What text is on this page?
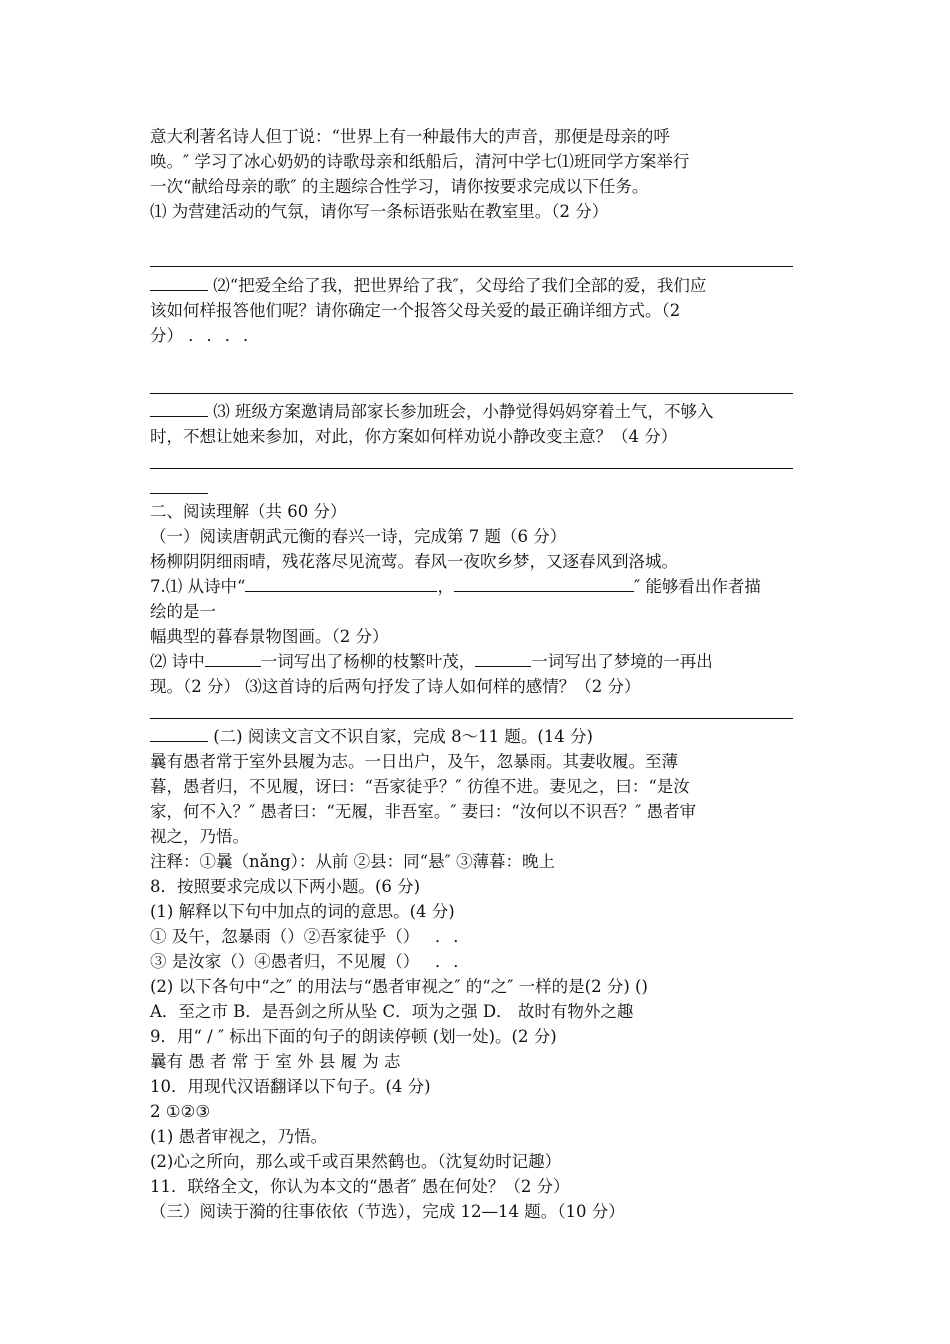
意大利著名诗人但丁说：“世界上有一种最伟大的声音，那便是母亲的呼
唤。″ 学习了冰心奶奶的诗歌母亲和纸船后，清河中学七⑴班同学方案举行
一次“献给母亲的歌″ 的主题综合性学习，请你按要求完成以下任务。
⑴ 为营建活动的气氛，请你写一条标语张贴在教室里。（2 分）
⑵“把爱全给了我，把世界给了我″，父母给了我们全部的爱，我们应
该如何样报答他们呢？请你确定一个报答父母关爱的最正确详细方式。（2
分） ．．．．
⑶ 班级方案邀请局部家长参加班会，小静觉得妈妈穿着土气，不够入
时，不想让她来参加，对此，你方案如何样劝说小静改变主意？（4 分）
二、阅读理解（共 60 分）
（一）阅读唐朝武元衡的春兴一诗，完成第 7 题（6 分）
杨柳阴阴细雨晴，残花落尽见流莺。春风一夜吹乡梦，又逐春风到洛城。
7.⑴ 从诗中“	，	″ 能够看出作者描
绘的是一
幅典型的暮春景物图画。（2 分）
⑵ 诗中	一词写出了杨柳的枝繁叶茂，	一词写出了梦境的一再出
现。（2 分） ⑶这首诗的后两句抒发了诗人如何样的感情？（2 分）
(二) 阅读文言文不识自家，完成 8～11 题。(14 分)
曩有愚者常于室外县履为志。一日出户，及午，忽暴雨。其妻收履。至薄
暮，愚者归，不见履，讶曰：“吾家徒乎？″ 彷徨不进。妻见之，曰：“是汝
家，何不入？″ 愚者曰：“无履，非吾室。″ 妻曰：“汝何以不识吾？″ 愚者审
视之，乃悟。
注释：①曩（nǎng）：从前 ②县：同“悬″ ③薄暮：晚上
8．按照要求完成以下两小题。(6 分)
(1) 解释以下句中加点的词的意思。(4 分)
① 及午，忽暴雨（）②吾家徒乎（） ．．
③ 是汝家（）④愚者归，不见履（） ．．
(2) 以下各句中“之″ 的用法与“愚者审视之″ 的“之″ 一样的是(2 分) ()
A．至之市 B．是吾剑之所从坠 C．项为之强 D． 故时有物外之趣
9．用“ / ″ 标出下面的句子的朗读停顿 (划一处)。(2 分)
曩有 愚 者 常 于 室 外 县 履 为 志
10．用现代汉语翻译以下句子。(4 分)
2 ①②③
(1) 愚者审视之，乃悟。
(2)心之所向，那么或千或百果然鹤也。（沈复幼时记趣）
11．联络全文，你认为本文的“愚者″ 愚在何处？（2 分）
（三）阅读于漪的往事依依（节选），完成 12—14 题。（10 分）
